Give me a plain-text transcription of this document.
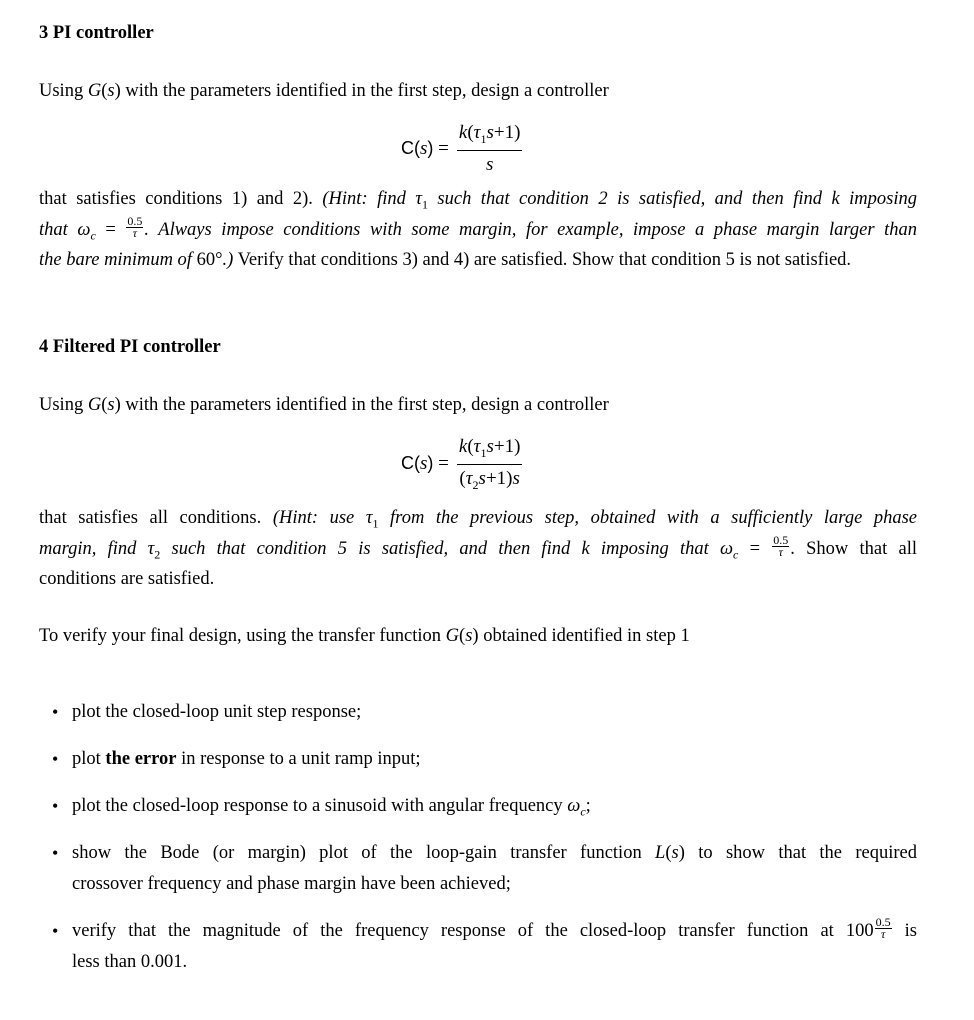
3 PI controller
Using G(s) with the parameters identified in the first step, design a controller
$C(s) = \frac{k(\tau_1s+1)}{s}$
that satisfies conditions 1) and 2). (Hint: find $\tau_1$ such that condition 2 is satisfied, and then find k imposing
that $\omega_c = \frac{0.5}{\tau}$ . Always impose conditions with some margin, for example, impose a phase margin larger than
the bare minimum of 60°.) Verify that conditions 3) and 4) are satisfied. Show that condition 5 is not satisfied.
4 Filtered PI controller
Using G(s) with the parameters identified in the first step, design a controller
$C(s) = \frac{k(\tau_1s+1)}{(\tau_2s+1)s}$
that satisfies all conditions. (Hint: use $\tau_1$ from the previous step, obtained with a sufficiently large phase
margin, find $\tau_2$ such that condition 5 is satisfied, and then find k imposing that $\omega_c = \frac{0.5}{\tau}$ . Show that all
conditions are satisfied.
To verify your final design, using the transfer function G(s) obtained identified in step 1
• plot the closed-loop unit step response;
• plot the error in response to a unit ramp input;
• plot the closed-loop response to a sinusoid with angular frequency $\omega_c$;
• show the Bode (or margin) plot of the loop-gain transfer function L(s) to show that the required
crossover frequency and phase margin have been achieved;
• verify that the magnitude of the frequency response of the closed-loop transfer function at $100 \frac{0.5}{\tau}$ is
less than 0.001.
